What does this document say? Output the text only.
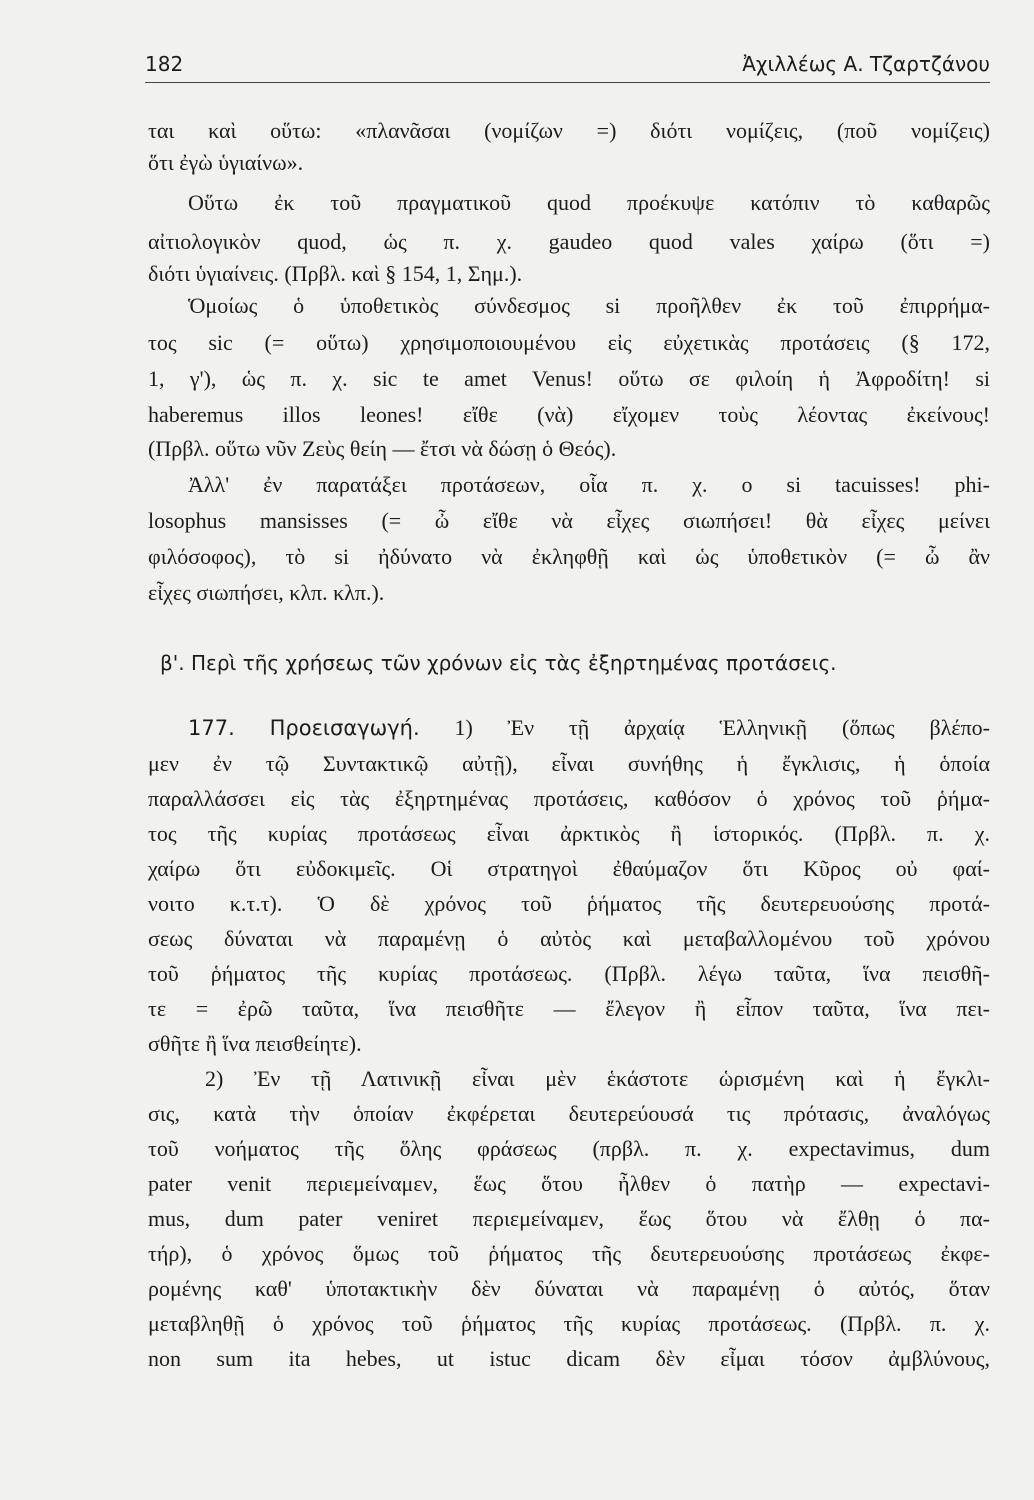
182	Ἀχιλλέως Α. Τζαρτζάνου
ται καὶ οὕτω: «πλανᾶσαι (νομίζων =) διότι νομίζεις, (ποῦ νομίζεις)
ὅτι ἐγὼ ὑγιαίνω».
Οὕτω ἐκ τοῦ πραγματικοῦ quod προέκυψε κατόπιν τὸ καθαρῶς
αἰτιολογικὸν quod, ὡς π. χ. gaudeo quod vales χαίρω (ὅτι =)
διότι ὑγιαίνεις. (Πρβλ. καὶ § 154, 1, Σημ.).
Ὁμοίως ὁ ὑποθετικὸς σύνδεσμος si προῆλθεν ἐκ τοῦ ἐπιρρήμα-
τος sic (= οὕτω) χρησιμοποιουμένου εἰς εὐχετικὰς προτάσεις (§ 172,
1, γ'), ὡς π. χ. sic te amet Venus! οὕτω σε φιλοίη ἡ Ἀφροδίτη! si
haberemus illos leones! εἴθε (νὰ) εἴχομεν τοὺς λέοντας ἐκείνους!
(Πρβλ. οὕτω νῦν Ζεὺς θείη — ἔτσι νὰ δώσῃ ὁ Θεός).
Ἀλλ' ἐν παρατάξει προτάσεων, οἷα π. χ. o si tacuisses! phi-
losophus mansisses (= ὦ εἴθε νὰ εἶχες σιωπήσει! θὰ εἶχες μείνει
φιλόσοφος), τὸ si ἠδύνατο νὰ ἐκληφθῇ καὶ ὡς ὑποθετικὸν (= ὦ ἂν
εἶχες σιωπήσει, κλπ. κλπ.).
β'. Περὶ τῆς χρήσεως τῶν χρόνων εἰς τὰς ἐξηρτημένας προτάσεις.
177. Προεισαγωγή. 1) Ἐν τῇ ἀρχαίᾳ Ἑλληνικῇ (ὅπως βλέπο-
μεν ἐν τῷ Συντακτικῷ αὐτῇ), εἶναι συνήθης ἡ ἔγκλισις, ἡ ὁποία
παραλλάσσει εἰς τὰς ἐξηρτημένας προτάσεις, καθόσον ὁ χρόνος τοῦ ῥήμα-
τος τῆς κυρίας προτάσεως εἶναι ἀρκτικὸς ἢ ἱστορικός. (Πρβλ. π. χ.
χαίρω ὅτι εὐδοκιμεῖς. Οἱ στρατηγοὶ ἐθαύμαζον ὅτι Κῦρος οὐ φαί-
νοιτο κ.τ.τ). Ὁ δὲ χρόνος τοῦ ῥήματος τῆς δευτερευούσης προτά-
σεως δύναται νὰ παραμένῃ ὁ αὐτὸς καὶ μεταβαλλομένου τοῦ χρόνου
τοῦ ῥήματος τῆς κυρίας προτάσεως. (Πρβλ. λέγω ταῦτα, ἵνα πεισθῆ-
τε = ἐρῶ ταῦτα, ἵνα πεισθῆτε — ἔλεγον ἢ εἶπον ταῦτα, ἵνα πει-
σθῆτε ἢ ἵνα πεισθείητε).
2) Ἐν τῇ Λατινικῇ εἶναι μὲν ἑκάστοτε ὡρισμένη καὶ ἡ ἔγκλι-
σις, κατὰ τὴν ὁποίαν ἐκφέρεται δευτερεύουσά τις πρότασις, ἀναλόγως
τοῦ νοήματος τῆς ὅλης φράσεως (πρβλ. π. χ. expectavimus, dum
pater venit περιεμείναμεν, ἕως ὅτου ἦλθεν ὁ πατὴρ — expectavi-
mus, dum pater veniret περιεμείναμεν, ἕως ὅτου νὰ ἔλθῃ ὁ πα-
τήρ), ὁ χρόνος ὅμως τοῦ ῥήματος τῆς δευτερευούσης προτάσεως ἐκφε-
ρομένης καθ' ὑποτακτικὴν δὲν δύναται νὰ παραμένῃ ὁ αὐτός, ὅταν
μεταβληθῇ ὁ χρόνος τοῦ ῥήματος τῆς κυρίας προτάσεως. (Πρβλ. π. χ.
non sum ita hebes, ut istuc dicam δὲν εἶμαι τόσον ἀμβλύνους,
